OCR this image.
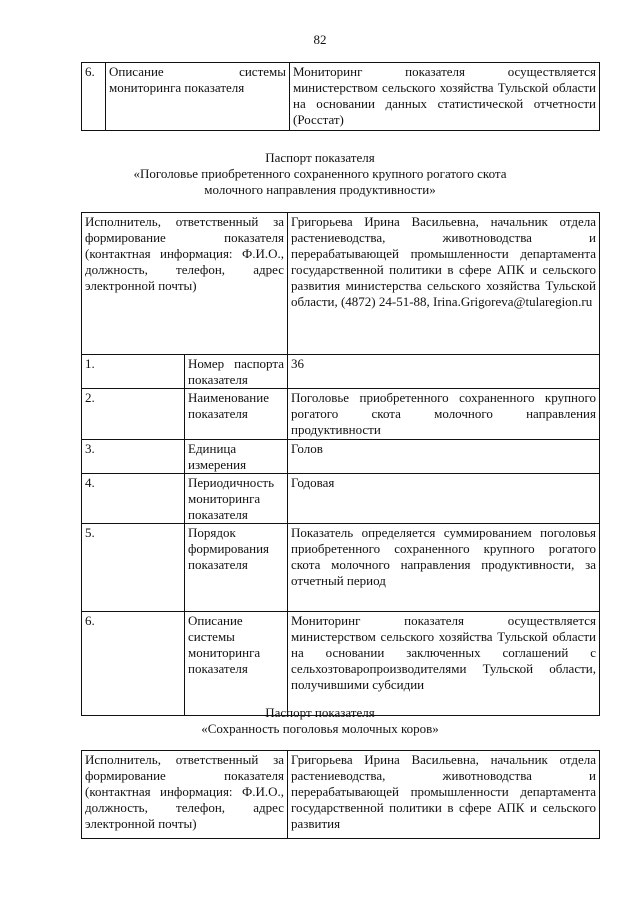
82
6.	Описание системы мониторинга показателя	Мониторинг показателя осуществляется министерством сельского хозяйства Тульской области на основании данных статистической отчетности (Росстат)
Паспорт показателя
«Поголовье приобретенного сохраненного крупного рогатого скота
молочного направления продуктивности»
Исполнитель, ответственный за формирование показателя (контактная информация: Ф.И.О., должность, телефон, адрес электронной почты)		Григорьева Ирина Васильевна, начальник отдела растениеводства, животноводства и перерабатывающей промышленности департамента государственной политики в сфере АПК и сельского развития министерства сельского хозяйства Тульской области, (4872) 24-51-88, Irina.Grigoreva@tularegion.ru
1.	Номер паспорта показателя	36
2.	Наименование показателя	Поголовье приобретенного сохраненного крупного рогатого скота молочного направления продуктивности
3.	Единица измерения	Голов
4.	Периодичность мониторинга показателя	Годовая
5.	Порядок формирования показателя	Показатель определяется суммированием поголовья приобретенного сохраненного крупного рогатого скота молочного направления продуктивности, за отчетный период
6.	Описание системы мониторинга показателя	Мониторинг показателя осуществляется министерством сельского хозяйства Тульской области на основании заключенных соглашений с сельхозтоваропроизводителями Тульской области, получившими субсидии
Паспорт показателя
«Сохранность поголовья молочных коров»
Исполнитель, ответственный за формирование показателя (контактная информация: Ф.И.О., должность, телефон, адрес электронной почты)	Григорьева Ирина Васильевна, начальник отдела растениеводства, животноводства и перерабатывающей промышленности департамента государственной политики в сфере АПК и сельского развития
